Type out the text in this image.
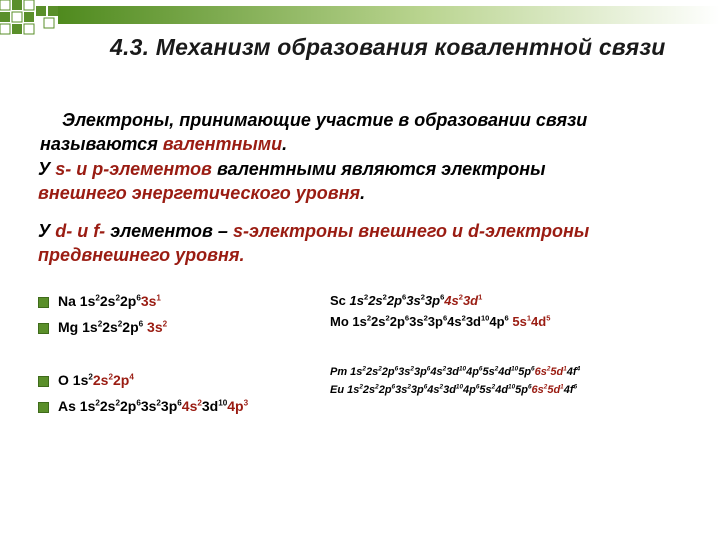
4.3. Механизм образования ковалентной связи
Электроны, принимающие участие в образовании связи
называются валентными.
У s- и p-элементов валентными являются электроны
внешнего энергетического уровня.
У d- и f- элементов – s-электроны внешнего и d-электроны
предвнешнего уровня.
Na $1s^22s^22p^63s^1$
Mg $1s^22s^22p^6$ $3s^2$
O $1s^22s^22p^4$
As $1s^22s^22p^63s^23p^64s^23d^{10}4p^3$
Sc $1s^22s^22p^63s^23p^64s^23d^1$
Mo $1s^22s^22p^63s^23p^64s^23d^{10}4p^6$ $5s^14d^5$
Pm $1s^22s^22p^63s^23p^64s^23d^{10}4p^65s^24d^{10}5p^66s^25d^14f^4$
Eu $1s^22s^22p^63s^23p^64s^23d^{10}4p^65s^24d^{10}5p^66s^25d^14f^6$
